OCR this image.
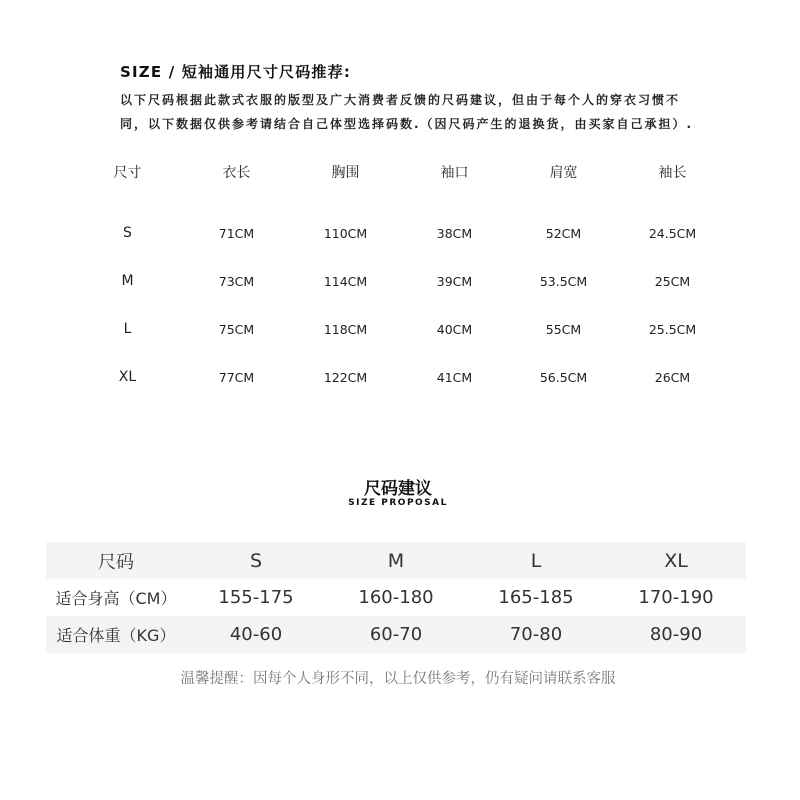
SIZE / 短袖通用尺寸尺码推荐:
以下尺码根据此款式衣服的版型及广大消费者反馈的尺码建议，但由于每个人的穿衣习惯不
同，以下数据仅供参考请结合自己体型选择码数.（因尺码产生的退换货，由买家自己承担）.
尺寸	衣长	胸围	袖口	肩宽	袖长
S	71CM	110CM	38CM	52CM	24.5CM
M	73CM	114CM	39CM	53.5CM	25CM
L	75CM	118CM	40CM	55CM	25.5CM
XL	77CM	122CM	41CM	56.5CM	26CM
尺码建议
SIZE PROPOSAL
尺码	S	M	L	XL
适合身高（CM）	155-175	160-180	165-185	170-190
适合体重（KG）	40-60	60-70	70-80	80-90
温馨提醒：因每个人身形不同，以上仅供参考，仍有疑问请联系客服
